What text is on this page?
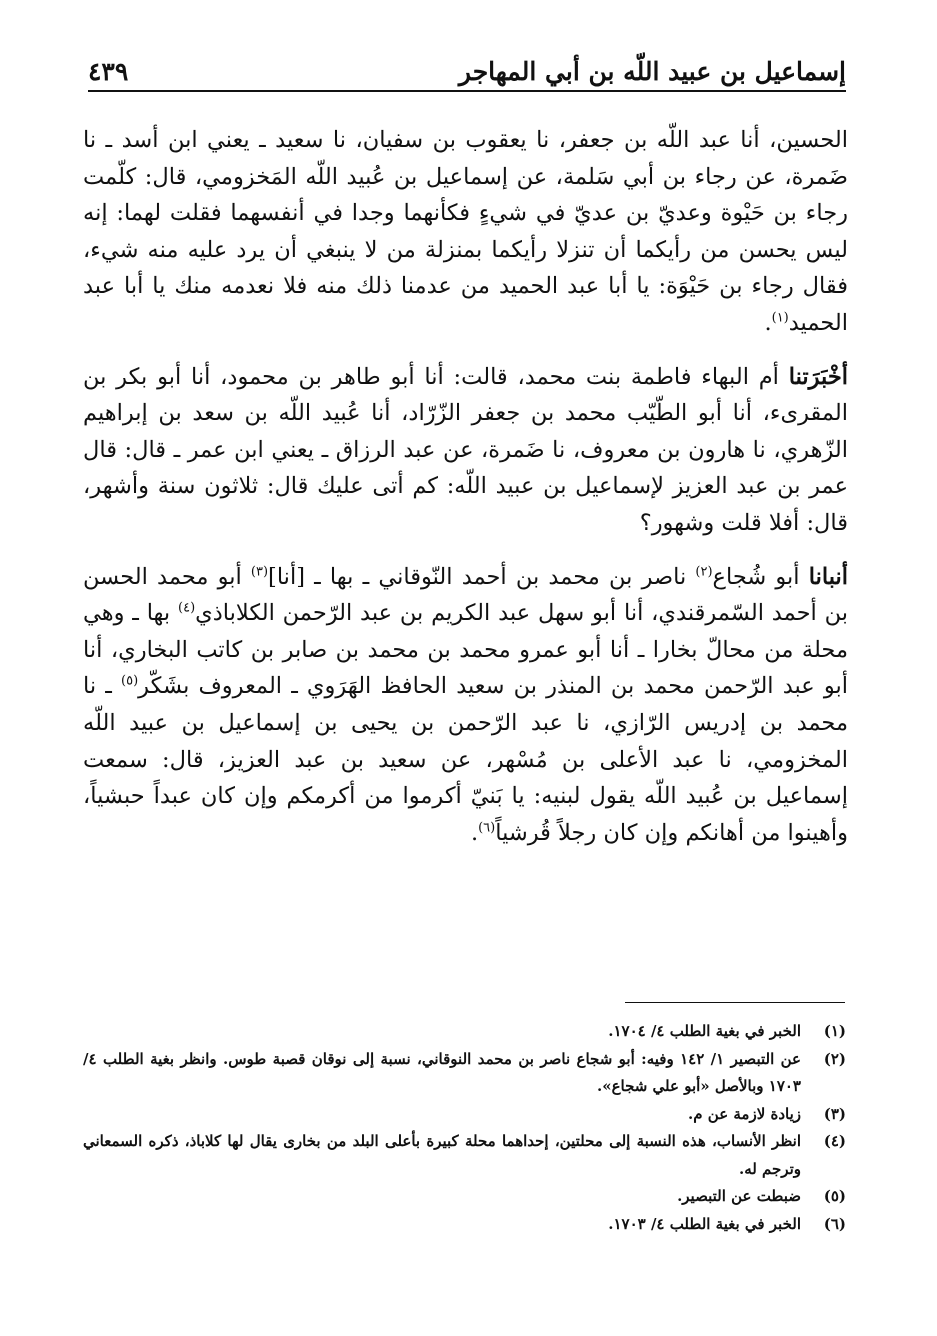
إسماعيل بن عبيد اللّه بن أبي المهاجر
٤٣٩

الحسين، أنا عبد اللّه بن جعفر، نا يعقوب بن سفيان، نا سعيد ـ يعني ابن أسد ـ نا ضَمرة، عن رجاء بن أبي سَلمة، عن إسماعيل بن عُبيد اللّه المَخزومي، قال: كلّمت رجاء بن حَيْوة وعديّ بن عديّ في شيءٍ فكأنهما وجدا في أنفسهما فقلت لهما: إنه ليس يحسن من رأيكما أن تنزلا رأيكما بمنزلة من لا ينبغي أن يرد عليه منه شيء، فقال رجاء بن حَيْوَة: يا أبا عبد الحميد من عدمنا ذلك منه فلا نعدمه منك يا أبا عبد الحميد$^{(١)}$.

أخْبَرَتنا أم البهاء فاطمة بنت محمد، قالت: أنا أبو طاهر بن محمود، أنا أبو بكر بن المقرىء، أنا أبو الطّيّب محمد بن جعفر الزّرّاد، أنا عُبيد اللّه بن سعد بن إبراهيم الزّهري، نا هارون بن معروف، نا ضَمرة، عن عبد الرزاق ـ يعني ابن عمر ـ قال: قال عمر بن عبد العزيز لإسماعيل بن عبيد اللّه: كم أتى عليك قال: ثلاثون سنة وأشهر، قال: أفلا قلت وشهور؟

أنبانا أبو شُجاع$^{(٢)}$ ناصر بن محمد بن أحمد النّوقاني ـ بها ـ [أنا]$^{(٣)}$ أبو محمد الحسن بن أحمد السّمرقندي، أنا أبو سهل عبد الكريم بن عبد الرّحمن الكلاباذي$^{(٤)}$ بها ـ وهي محلة من محالّ بخارا ـ أنا أبو عمرو محمد بن محمد بن صابر بن كاتب البخاري، أنا أبو عبد الرّحمن محمد بن المنذر بن سعيد الحافظ الهَرَوي ـ المعروف بشَكّر$^{(٥)}$ ـ نا محمد بن إدريس الرّازي، نا عبد الرّحمن بن يحيى بن إسماعيل بن عبيد اللّه المخزومي، نا عبد الأعلى بن مُسْهر، عن سعيد بن عبد العزيز، قال: سمعت إسماعيل بن عُبيد اللّه يقول لبنيه: يا بَنيّ أكرموا من أكرمكم وإن كان عبداً حبشياً، وأهينوا من أهانكم وإن كان رجلاً قُرشياً$^{(٦)}$.

(١)
الخبر في بغية الطلب ٤/ ١٧٠٤.
(٢)
عن التبصير ١/ ١٤٢ وفيه: أبو شجاع ناصر بن محمد النوقاني، نسبة إلى نوقان قصبة طوس. وانظر بغية الطلب ٤/ ١٧٠٣ وبالأصل «أبو علي شجاع».
(٣)
زيادة لازمة عن م.
(٤)
انظر الأنساب، هذه النسبة إلى محلتين، إحداهما محلة كبيرة بأعلى البلد من بخارى يقال لها كلاباذ، ذكره السمعاني وترجم له.
(٥)
ضبطت عن التبصير.
(٦)
الخبر في بغية الطلب ٤/ ١٧٠٣.
